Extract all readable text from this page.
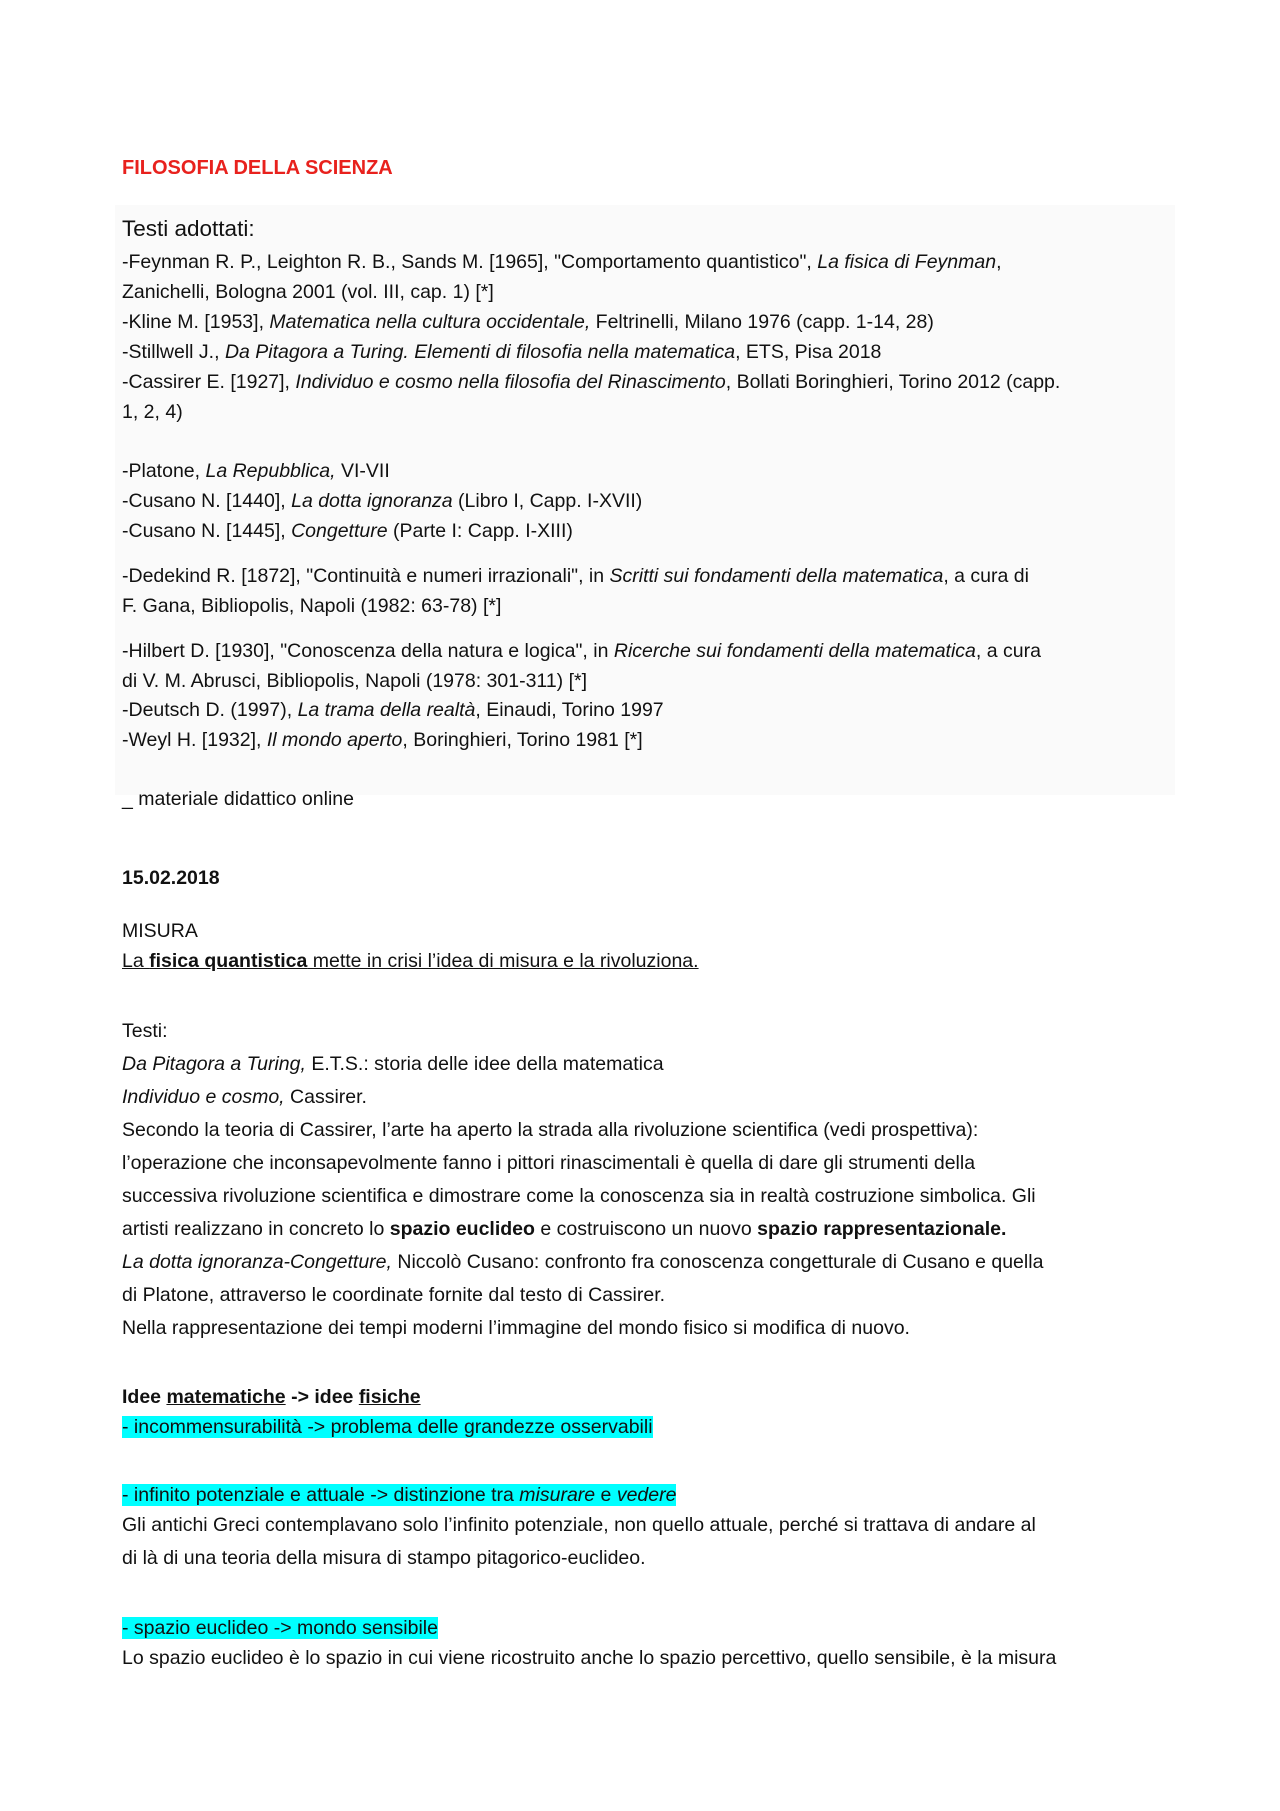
FILOSOFIA DELLA SCIENZA
Testi adottati:
-Feynman R. P., Leighton R. B., Sands M. [1965], "Comportamento quantistico", La fisica di Feynman,
Zanichelli, Bologna 2001 (vol. III, cap. 1) [*]
-Kline M. [1953], Matematica nella cultura occidentale, Feltrinelli, Milano 1976 (capp. 1-14, 28)
-Stillwell J., Da Pitagora a Turing. Elementi di filosofia nella matematica, ETS, Pisa 2018
-Cassirer E. [1927], Individuo e cosmo nella filosofia del Rinascimento, Bollati Boringhieri, Torino 2012 (capp.
1, 2, 4)
-Platone, La Repubblica, VI-VII
-Cusano N. [1440], La dotta ignoranza (Libro I, Capp. I-XVII)
-Cusano N. [1445], Congetture (Parte I: Capp. I-XIII)
-Dedekind R. [1872], "Continuità e numeri irrazionali", in Scritti sui fondamenti della matematica, a cura di
F. Gana, Bibliopolis, Napoli (1982: 63-78) [*]
-Hilbert D. [1930], "Conoscenza della natura e logica", in Ricerche sui fondamenti della matematica, a cura
di V. M. Abrusci, Bibliopolis, Napoli (1978: 301-311) [*]
-Deutsch D. (1997), La trama della realtà, Einaudi, Torino 1997
-Weyl H. [1932], Il mondo aperto, Boringhieri, Torino 1981 [*]
_ materiale didattico online
15.02.2018
MISURA
La fisica quantistica mette in crisi l’idea di misura e la rivoluziona.
Testi:
Da Pitagora a Turing, E.T.S.: storia delle idee della matematica
Individuo e cosmo, Cassirer.
Secondo la teoria di Cassirer, l’arte ha aperto la strada alla rivoluzione scientifica (vedi prospettiva):
l’operazione che inconsapevolmente fanno i pittori rinascimentali è quella di dare gli strumenti della
successiva rivoluzione scientifica e dimostrare come la conoscenza sia in realtà costruzione simbolica. Gli
artisti realizzano in concreto lo spazio euclideo e costruiscono un nuovo spazio rappresentazionale.
La dotta ignoranza-Congetture, Niccolò Cusano: confronto fra conoscenza congetturale di Cusano e quella
di Platone, attraverso le coordinate fornite dal testo di Cassirer.
Nella rappresentazione dei tempi moderni l’immagine del mondo fisico si modifica di nuovo.
Idee matematiche -> idee fisiche
- incommensurabilità -> problema delle grandezze osservabili
- infinito potenziale e attuale -> distinzione tra misurare e vedere
Gli antichi Greci contemplavano solo l’infinito potenziale, non quello attuale, perché si trattava di andare al
di là di una teoria della misura di stampo pitagorico-euclideo.
- spazio euclideo -> mondo sensibile
Lo spazio euclideo è lo spazio in cui viene ricostruito anche lo spazio percettivo, quello sensibile, è la misura
